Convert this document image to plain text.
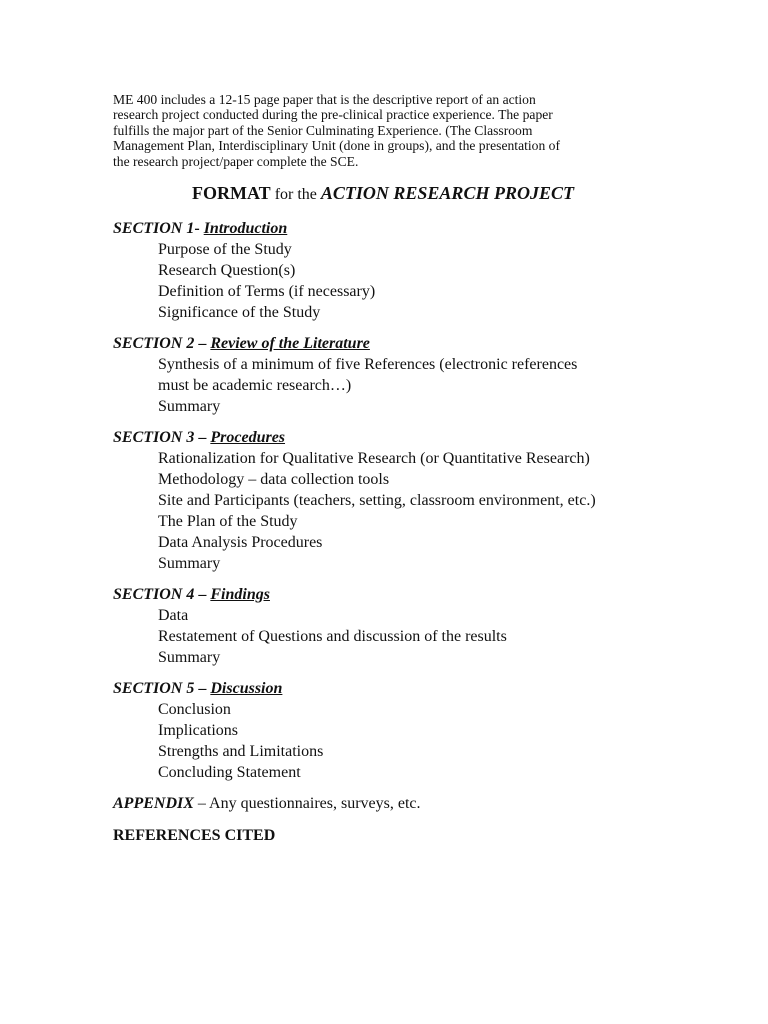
ME 400 includes a 12-15 page paper that is the descriptive report of an action
research project conducted during the pre-clinical practice experience. The paper
fulfills the major part of the Senior Culminating Experience. (The Classroom
Management Plan, Interdisciplinary Unit (done in groups), and the presentation of
the research project/paper complete the SCE.

FORMAT for the ACTION RESEARCH PROJECT
SECTION 1- Introduction
Purpose of the Study
Research Question(s)
Definition of Terms (if necessary)
Significance of the Study
SECTION 2 – Review of the Literature
Synthesis of a minimum of five References (electronic references
must be academic research…)
Summary
SECTION 3 – Procedures
Rationalization for Qualitative Research (or Quantitative Research)
Methodology – data collection tools
Site and Participants (teachers, setting, classroom environment, etc.)
The Plan of the Study
Data Analysis Procedures
Summary
SECTION 4 – Findings
Data
Restatement of Questions and discussion of the results
Summary
SECTION 5 – Discussion
Conclusion
Implications
Strengths and Limitations
Concluding Statement
APPENDIX – Any questionnaires, surveys, etc.
REFERENCES CITED
